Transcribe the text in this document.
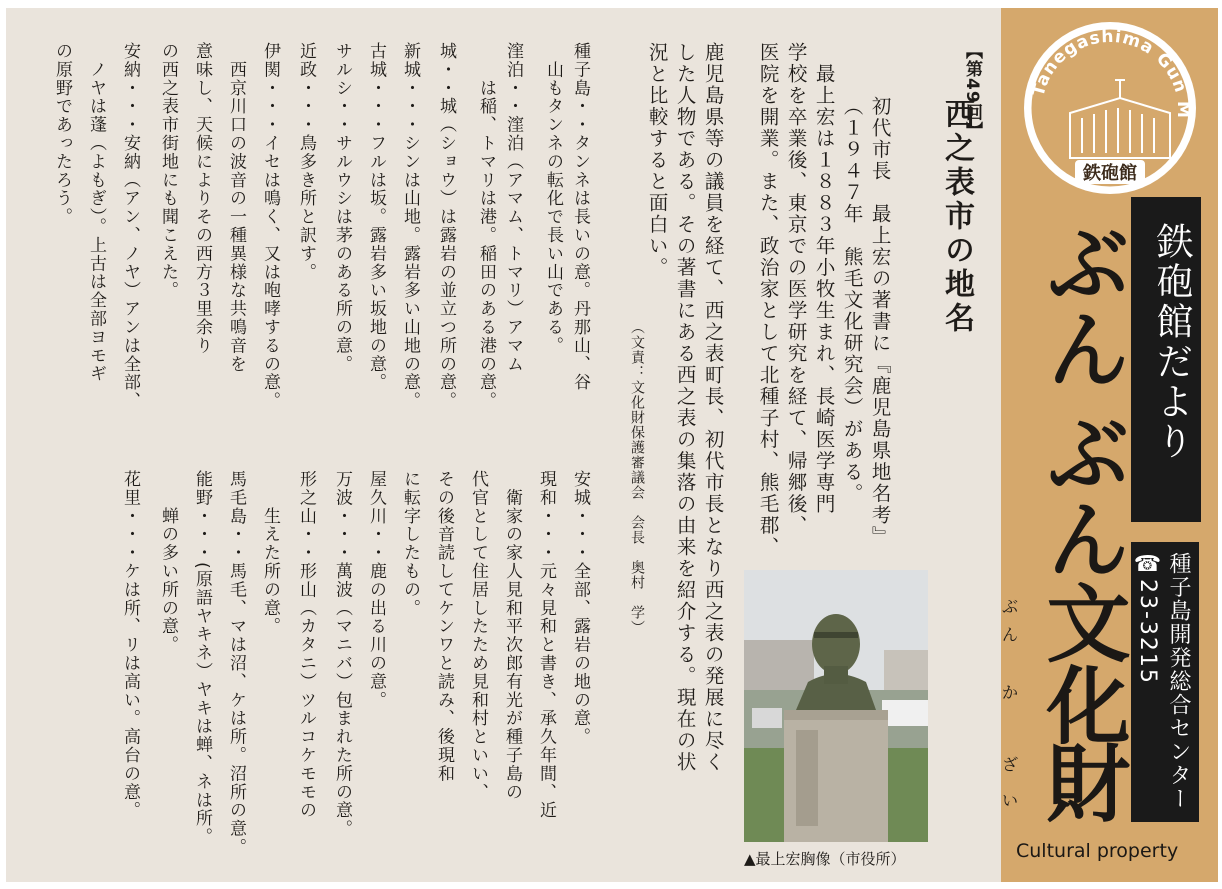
Tanegashima Gun M
鉄砲館
鉄砲館だより
ぶ
ん
ぶ
ん
文
化
財
ぶ
ん
か
ざ
い	種子島開発総合センター
☎23-3215
Cultural property
【第49回】
西之表市の地名
初代市長　最上宏の著書に『鹿児島県地名考』
（１９４７年　熊毛文化研究会）がある。
　最上宏は１８８３年小牧生まれ、長崎医学専門
学校を卒業後、東京での医学研究を経て、帰郷後、
医院を開業。また、政治家として北種子村、熊毛郡、
鹿児島県等の議員を経て、西之表町長、初代市長となり西之表の発展に尽く
した人物である。その著書にある西之表の集落の由来を紹介する。現在の状
況と比較すると面白い。
（文責：文化財保護審議会　会長　奥村　学）
種子島・・タンネは長いの意。丹那山、谷
　山もタンネの転化で長い山である。
漥泊・・漥泊（アマム、トマリ）アマム
　　は稲、トマリは港。稲田のある港の意。
城・・城（ショウ）は露岩の並立つ所の意。
新城・・・シンは山地。露岩多い山地の意。
古城・・・フルは坂。露岩多い坂地の意。
サルシ・・サルウシは茅のある所の意。
近政・・・鳥多き所と訳す。
伊関・・・イセは鳴く、又は咆哮するの意。
　西京川口の波音の一種異様な共鳴音を
意味し、天候によりその西方３里余り
の西之表市街地にも聞こえた。
安納・・・安納（アン、ノヤ）アンは全部、
　ノヤは蓬（よもぎ）。上古は全部ヨモギ
の原野であったろう。
安城・・・全部、露岩の地の意。
現和・・・元々見和と書き、承久年間、近
　衛家の家人見和平次郎有光が種子島の
代官として住居したため見和村といい、
その後音読してケンワと読み、後現和
に転字したもの。
屋久川・・鹿の出る川の意。
万波・・・萬波（マニバ）包まれた所の意。
形之山・・形山（カタニ）ツルコケモモの
　　生えた所の意。
馬毛島・・馬毛、マは沼、ケは所。沼所の意。
能野・・・(原語ヤキネ）ヤキは蝉、ネは所。
　　蝉の多い所の意。
花里・・・ケは所、リは高い。高台の意。
▲最上宏胸像（市役所）
